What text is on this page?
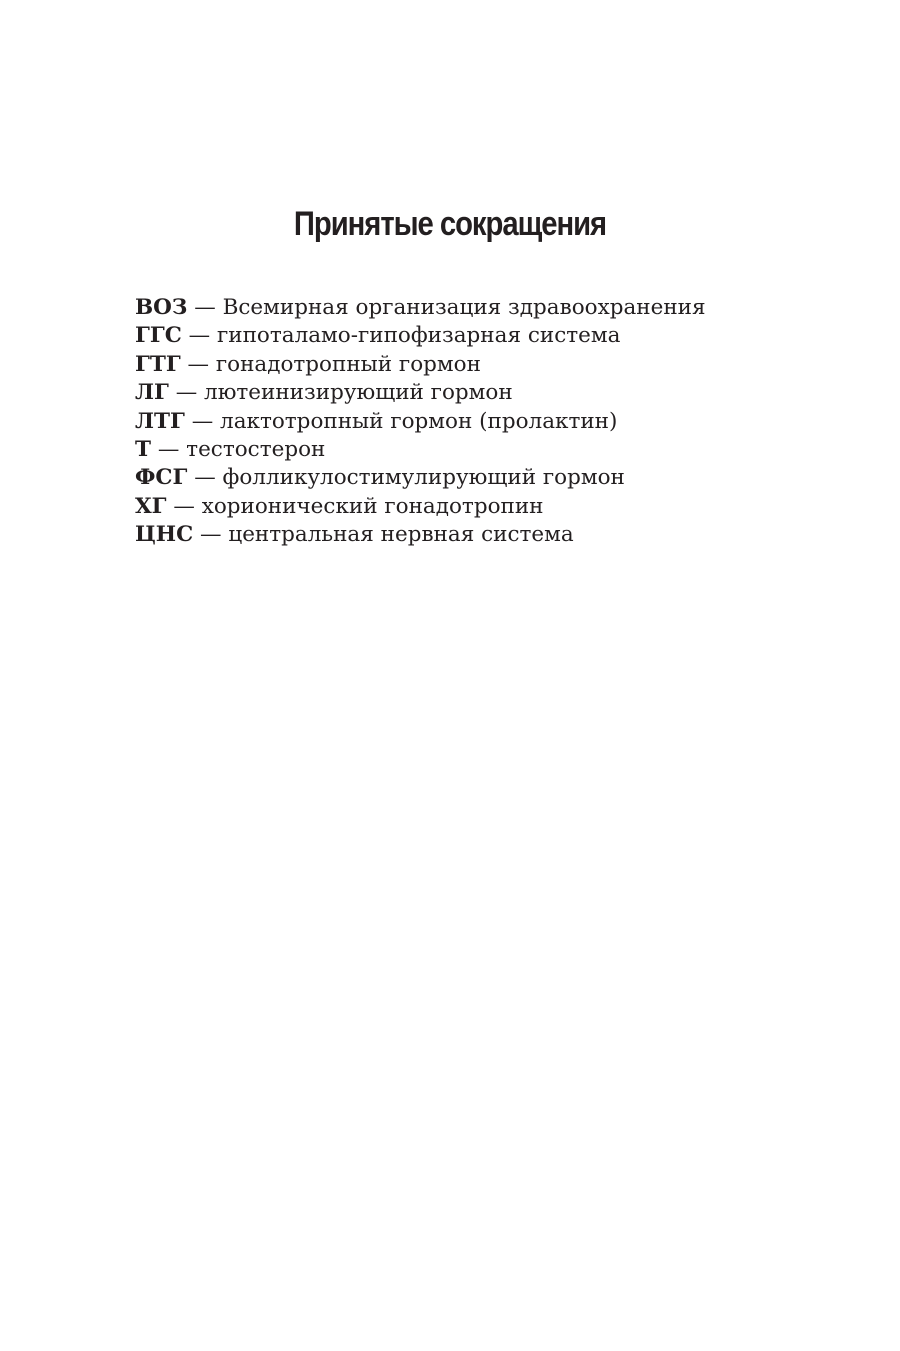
Принятые сокращения
ВОЗ — Всемирная организация здравоохранения
ГГС — гипоталамо-гипофизарная система
ГТГ — гонадотропный гормон
ЛГ — лютеинизирующий гормон
ЛТГ — лактотропный гормон (пролактин)
Т — тестостерон
ФСГ — фолликулостимулирующий гормон
ХГ — хорионический гонадотропин
ЦНС — центральная нервная система
